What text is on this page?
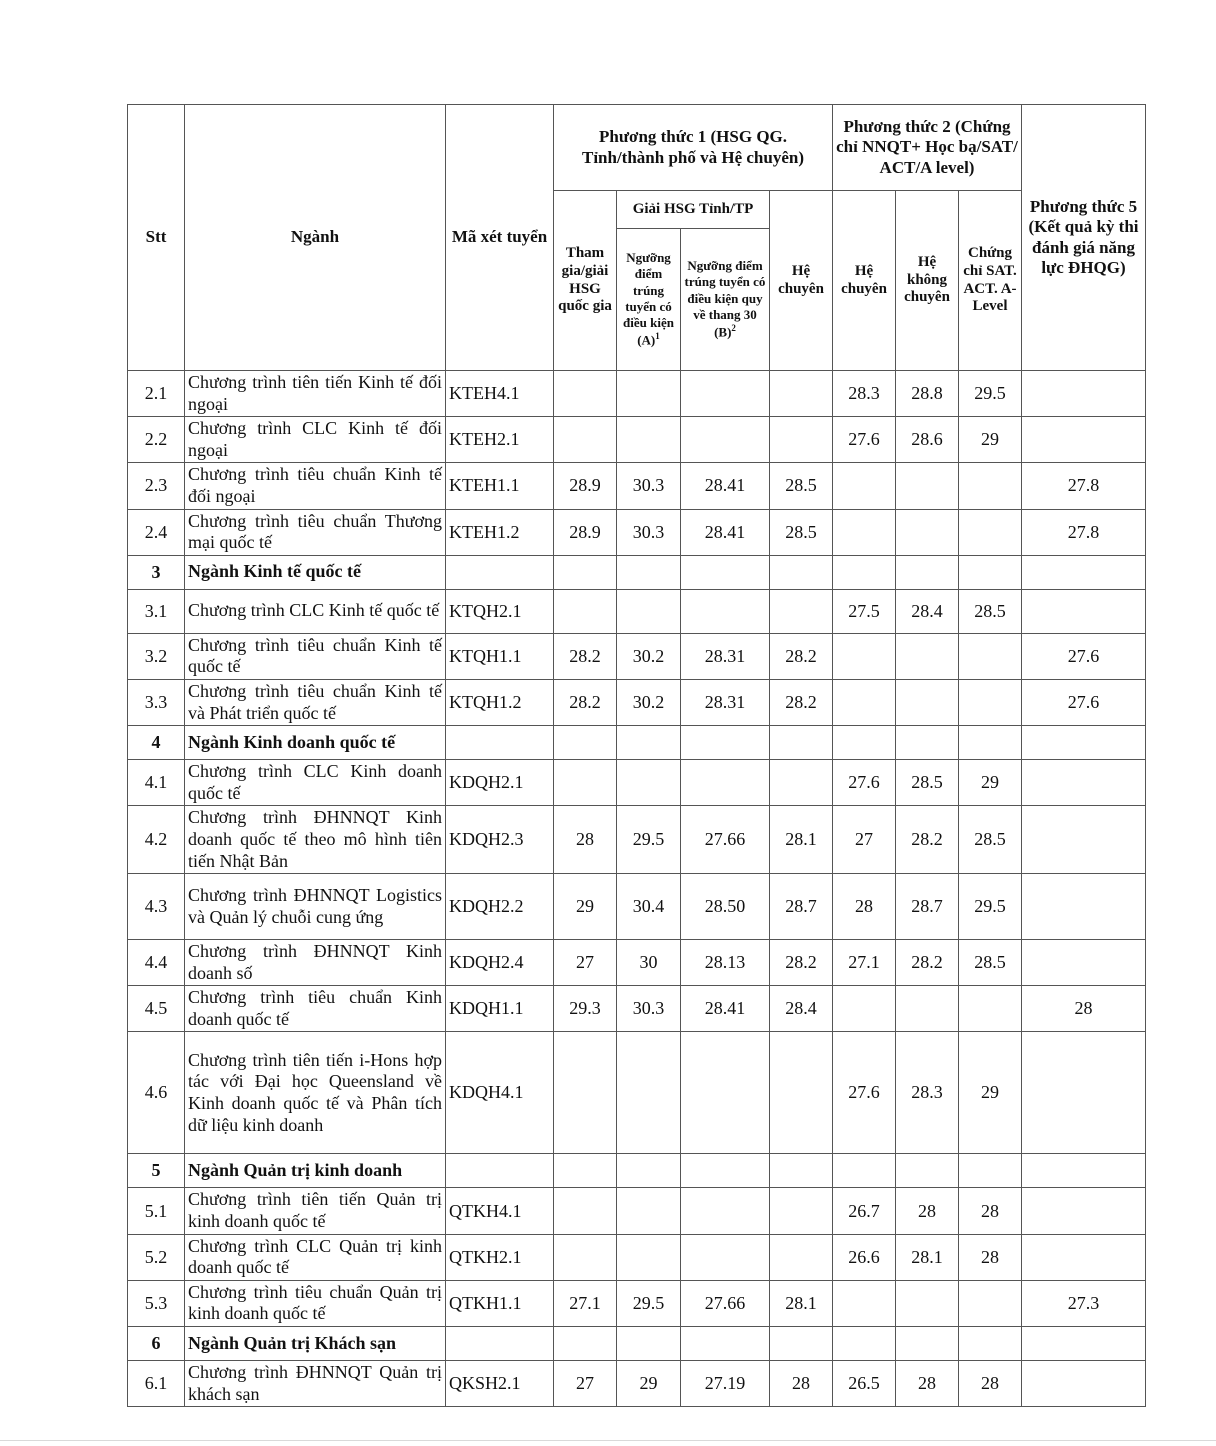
Stt	Ngành	Mã xét tuyển	Phương thức 1 (HSG QG. Tỉnh/thành phố và Hệ chuyên)				Phương thức 2 (Chứng chỉ NNQT+ Học bạ/SAT/ ACT/A level)			Phương thức 5 (Kết quả kỳ thi đánh giá năng lực ĐHQG)
			Tham gia/giải HSG quốc gia	Giải HSG Tỉnh/TP		Hệ chuyên	Hệ chuyên	Hệ không chuyên	Chứng chỉ SAT. ACT. A-Level	
				Ngưỡng điểm trúng tuyển có điều kiện $(A)^1$	Ngưỡng điểm trúng tuyển có điều kiện quy về thang 30 $(B)^2$
2.1	Chương trình tiên tiến Kinh tế đối ngoại	KTEH4.1					28.3	28.8	29.5	
2.2	Chương trình CLC Kinh tế đối ngoại	KTEH2.1					27.6	28.6	29	
2.3	Chương trình tiêu chuẩn Kinh tế đối ngoại	KTEH1.1	28.9	30.3	28.41	28.5				27.8
2.4	Chương trình tiêu chuẩn Thương mại quốc tế	KTEH1.2	28.9	30.3	28.41	28.5				27.8
3	Ngành Kinh tế quốc tế									
3.1	Chương trình CLC Kinh tế quốc tế	KTQH2.1					27.5	28.4	28.5	
3.2	Chương trình tiêu chuẩn Kinh tế quốc tế	KTQH1.1	28.2	30.2	28.31	28.2				27.6
3.3	Chương trình tiêu chuẩn Kinh tế và Phát triển quốc tế	KTQH1.2	28.2	30.2	28.31	28.2				27.6
4	Ngành Kinh doanh quốc tế									
4.1	Chương trình CLC Kinh doanh quốc tế	KDQH2.1					27.6	28.5	29	
4.2	Chương trình ĐHNNQT Kinh doanh quốc tế theo mô hình tiên tiến Nhật Bản	KDQH2.3	28	29.5	27.66	28.1	27	28.2	28.5	
4.3	Chương trình ĐHNNQT Logistics và Quản lý chuỗi cung ứng	KDQH2.2	29	30.4	28.50	28.7	28	28.7	29.5	
4.4	Chương trình ĐHNNQT Kinh doanh số	KDQH2.4	27	30	28.13	28.2	27.1	28.2	28.5	
4.5	Chương trình tiêu chuẩn Kinh doanh quốc tế	KDQH1.1	29.3	30.3	28.41	28.4				28
4.6	Chương trình tiên tiến i-Hons hợp tác với Đại học Queensland về Kinh doanh quốc tế và Phân tích dữ liệu kinh doanh	KDQH4.1					27.6	28.3	29	
5	Ngành Quản trị kinh doanh									
5.1	Chương trình tiên tiến Quản trị kinh doanh quốc tế	QTKH4.1					26.7	28	28	
5.2	Chương trình CLC Quản trị kinh doanh quốc tế	QTKH2.1					26.6	28.1	28	
5.3	Chương trình tiêu chuẩn Quản trị kinh doanh quốc tế	QTKH1.1	27.1	29.5	27.66	28.1				27.3
6	Ngành Quản trị Khách sạn									
6.1	Chương trình ĐHNNQT Quản trị khách sạn	QKSH2.1	27	29	27.19	28	26.5	28	28	
